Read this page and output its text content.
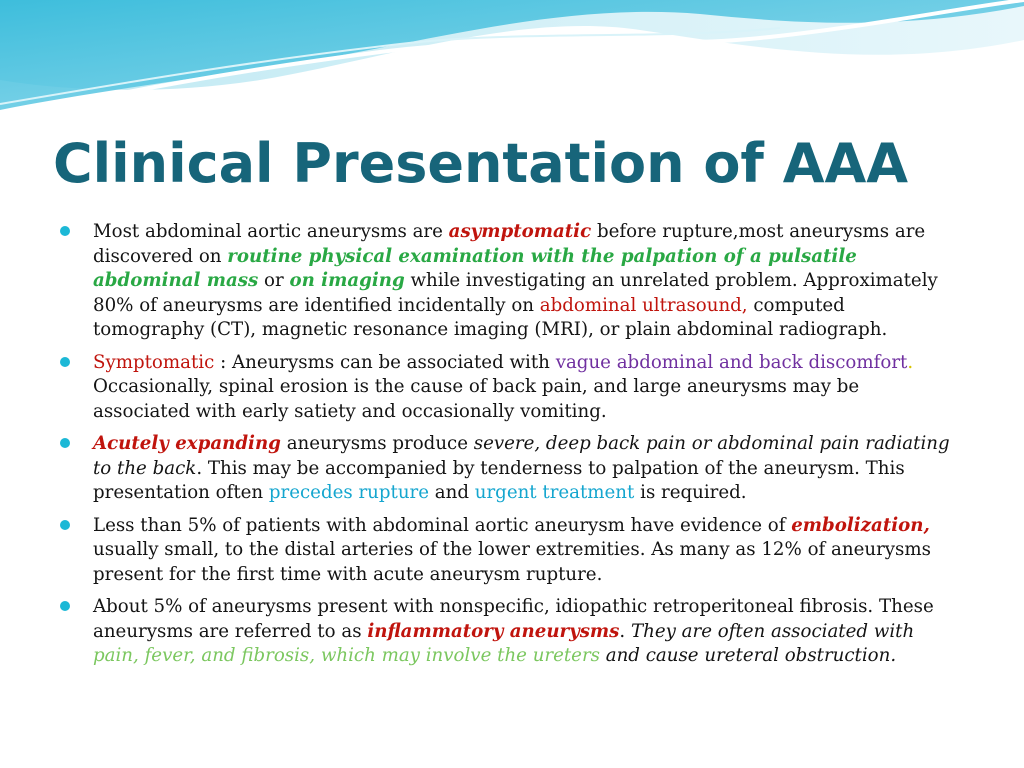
Clinical Presentation of AAA
Most abdominal aortic aneurysms are asymptomatic before rupture,most aneurysms are discovered on routine physical examination with the palpation of a pulsatile abdominal mass or on imaging while investigating an unrelated problem. Approximately 80% of aneurysms are identified incidentally on abdominal ultrasound, computed tomography (CT), magnetic resonance imaging (MRI), or plain abdominal radiograph.
Symptomatic : Aneurysms can be associated with vague abdominal and back discomfort. Occasionally, spinal erosion is the cause of back pain, and large aneurysms may be associated with early satiety and occasionally vomiting.
Acutely expanding aneurysms produce severe, deep back pain or abdominal pain radiating to the back. This may be accompanied by tenderness to palpation of the aneurysm. This presentation often precedes rupture and urgent treatment is required.
Less than 5% of patients with abdominal aortic aneurysm have evidence of embolization, usually small, to the distal arteries of the lower extremities. As many as 12% of aneurysms present for the first time with acute aneurysm rupture.
About 5% of aneurysms present with nonspecific, idiopathic retroperitoneal fibrosis. These aneurysms are referred to as inflammatory aneurysms. They are often associated with pain, fever, and fibrosis, which may involve the ureters and cause ureteral obstruction.
